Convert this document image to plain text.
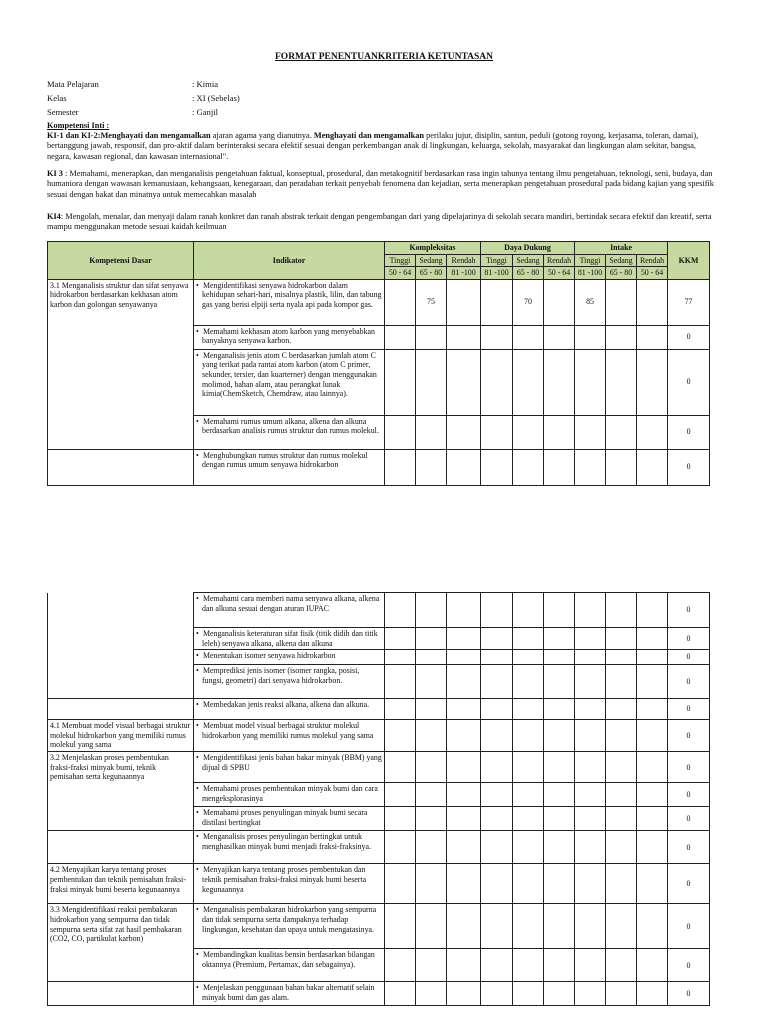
FORMAT PENENTUANKRITERIA KETUNTASAN
Mata Pelajaran	: Kimia
Kelas	: XI (Sebelas)
Semester	: Ganjil
Kompetensi Inti :
KI-1 dan KI-2:Menghayati dan mengamalkan ajaran agama yang dianutnya. Menghayati dan mengamalkan perilaku jujur, disiplin, santun, peduli (gotong royong, kerjasama, toleran, damai), bertanggung jawab, responsif, dan pro-aktif dalam berinteraksi secara efektif sesuai dengan perkembangan anak di lingkungan, keluarga, sekolah, masyarakat dan lingkungan alam sekitar, bangsa, negara, kawasan regional, dan kawasan internasional".
KI 3 : Memahami, menerapkan, dan menganalisis pengetahuan faktual, konseptual, prosedural, dan metakognitif berdasarkan rasa ingin tahunya tentang ilmu pengetahuan, teknologi, seni, budaya, dan humaniora dengan wawasan kemanusiaan, kebangsaan, kenegaraan, dan peradaban terkait penyebab fenomena dan kejadian, serta menerapkan pengetahuan prosedural pada bidang kajian yang spesifik sesuai dengan bakat dan minatnya untuk memecahkan masalah
KI4: Mengolah, menalar, dan menyaji dalam ranah konkret dan ranah abstrak terkait dengan pengembangan dari yang dipelajarinya di sekolah secara mandiri, bertindak secara efektif dan kreatif, serta mampu menggunakan metode sesuai kaidah keilmuan
Kompetensi Dasar	Indikator	Kompleksitas			Daya Dukung			Intake			KKM
		Tinggi	Sedang	Rendah	Tinggi	Sedang	Rendah	Tinggi	Sedang	Rendah	
		50 - 64	65 - 80	81 -100	81 -100	65 - 80	50 - 64	81 -100	65 - 80	50 - 64	
3.1 Menganalisis struktur dan sifat senyawa hidrokarbon berdasarkan kekhasan atom karbon dan golongan senyawanya	• Mengidentifikasi senyawa hidrokarbon dalam kehidupan sehari-hari, misalnya plastik, lilin, dan tabung gas yang berisi elpiji serta nyala api pada kompor gas.		75			70		85			77
	• Memahami kekhasan atom karbon yang menyebabkan banyaknya senyawa karbon.										0
	• Menganalisis jenis atom C berdasarkan jumlah atom C yang terikat pada rantai atom karbon (atom C primer, sekunder, tersier, dan kuarterner) dengan menggunakan molimod, bahan alam, atau perangkat lunak kimia(ChemSketch, Chemdraw, atau lainnya).										0
	• Memahami rumus umum alkana, alkena dan alkuna berdasarkan analisis rumus struktur dan rumus molekul.										0
	• Menghubungkan rumus struktur dan rumus molekul dengan rumus umum senyawa hidrokarbon										0
	• Memahami cara memberi nama senyawa alkana, alkena dan alkuna sesuai dengan aturan IUPAC										0
	• Menganalisis keteraturan sifat fisik (titik didih dan titik leleh) senyawa alkana, alkena dan alkuna										0
	• Menentukan isomer senyawa hidrokarbon										0
	• Memprediksi jenis isomer (isomer rangka, posisi, fungsi, geometri) dari senyawa hidrokarbon.										0
	• Membedakan jenis reaksi alkana, alkena dan alkuna.										0
4.1 Membuat model visual berbagai struktur molekul hidrokarbon yang memiliki rumus molekul yang sama	• Membuat model visual berbagai struktur molekul hidrokarbon yang memiliki rumus molekul yang sama										0
3.2 Menjelaskan proses pembentukan fraksi-fraksi minyak bumi, teknik pemisahan serta kegunaannya	• Mengidentifikasi jenis bahan bakar minyak (BBM) yang dijual di SPBU										0
	• Memahami proses pembentukan minyak bumi dan cara mengeksplorasinya										0
	• Memahami proses penyulingan minyak bumi secara distilasi bertingkat										0
	• Menganalisis proses penyulingan bertingkat untuk menghasilkan minyak bumi menjadi fraksi-fraksinya.										0
4.2 Menyajikan karya tentang proses pembentukan dan teknik pemisahan fraksi-fraksi minyak bumi beserta kegunaannya	• Menyajikan karya tentang proses pembentukan dan teknik pemisahan fraksi-fraksi minyak bumi beserta kegunaannya										0
3.3 Mengidentifikasi reaksi pembakaran hidrokarbon yang sempurna dan tidak sempurna serta sifat zat hasil pembakaran (CO2, CO, partikulat karbon)	• Menganalisis pembakaran hidrokarbon yang sempurna dan tidak sempurna serta dampaknya terhadap lingkungan, kesehatan dan upaya untuk mengatasinya.										0
	• Membandingkan kualitas bensin berdasarkan bilangan oktannya (Premium, Pertamax, dan sebagainya).										0
	• Menjelaskan penggunaan bahan bakar alternatif selain minyak bumi dan gas alam.										0
